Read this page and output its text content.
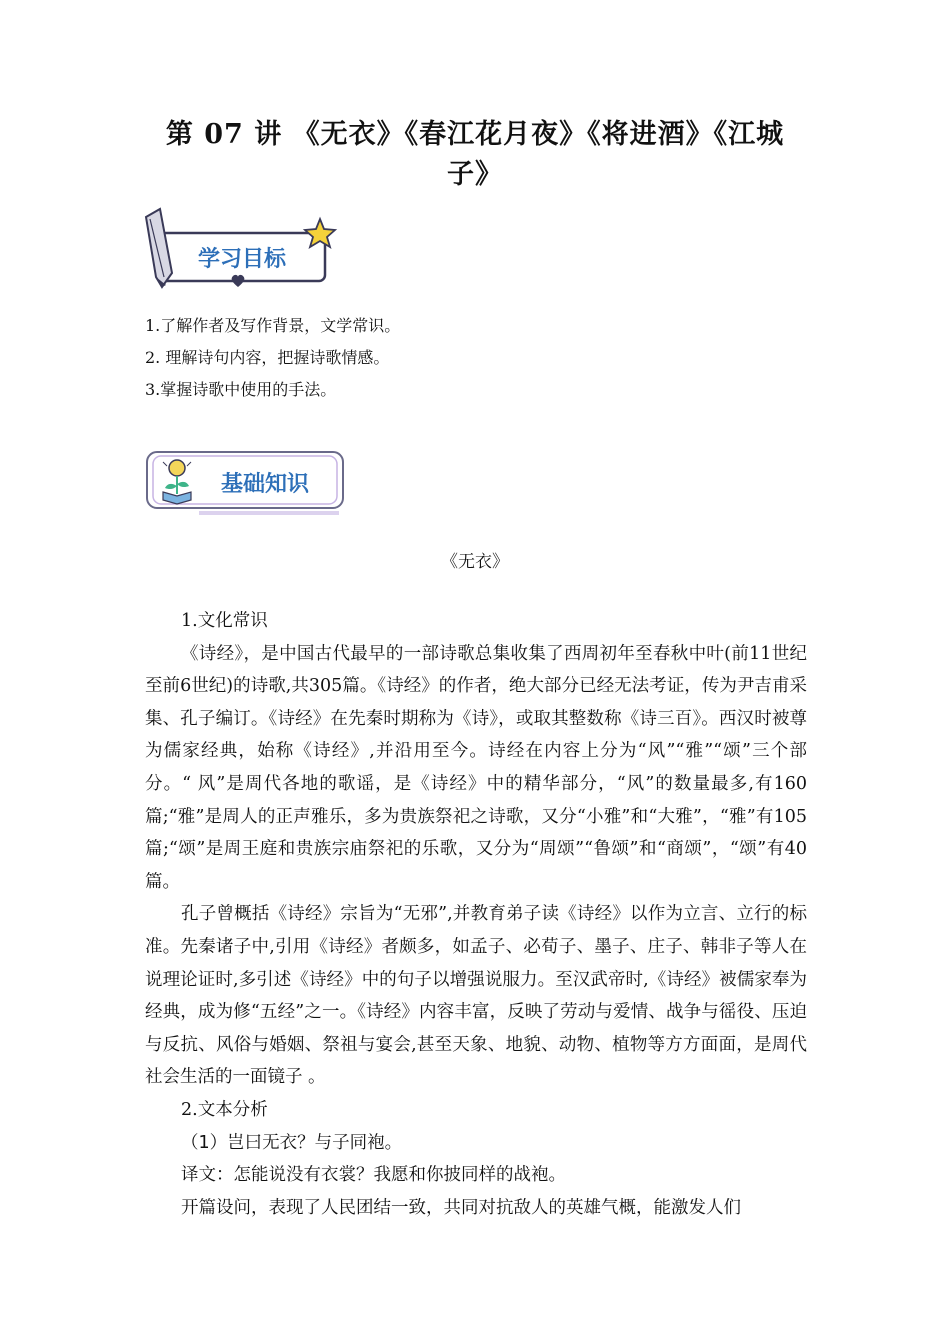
第 07 讲 《无衣》《春江花月夜》《将进酒》《江城
子》
学习目标
1.了解作者及写作背景，文学常识。
2. 理解诗句内容，把握诗歌情感。
3.掌握诗歌中使用的手法。
基础知识
《无衣》

1.文化常识

《诗经》，是中国古代最早的一部诗歌总集收集了西周初年至春秋中叶(前11世纪至前6世纪)的诗歌,共305篇。《诗经》的作者，绝大部分已经无法考证，传为尹吉甫采集、孔子编订。《诗经》在先秦时期称为《诗》，或取其整数称《诗三百》。西汉时被尊为儒家经典，始称《诗经》,并沿用至今。诗经在内容上分为“风”“雅”“颂”三个部分。“ 风”是周代各地的歌谣，是《诗经》中的精华部分，“风”的数量最多,有160篇;“雅”是周人的正声雅乐，多为贵族祭祀之诗歌，又分“小雅”和“大雅”，“雅”有105篇;“颂”是周王庭和贵族宗庙祭祀的乐歌，又分为“周颂”“鲁颂”和“商颂”，“颂”有40篇。

孔子曾概括《诗经》宗旨为“无邪”,并教育弟子读《诗经》以作为立言、立行的标准。先秦诸子中,引用《诗经》者颇多，如孟子、必荀子、墨子、庄子、韩非子等人在说理论证时,多引述《诗经》中的句子以增强说服力。至汉武帝时,《诗经》被儒家奉为经典，成为修“五经”之一。《诗经》内容丰富，反映了劳动与爱情、战争与徭役、压迫与反抗、风俗与婚姻、祭祖与宴会,甚至天象、地貌、动物、植物等方方面面，是周代社会生活的一面镜子 。

2.文本分析

（1）岂曰无衣？与子同袍。

译文：怎能说没有衣裳？我愿和你披同样的战袍。

开篇设问，表现了人民团结一致，共同对抗敌人的英雄气概，能激发人们
